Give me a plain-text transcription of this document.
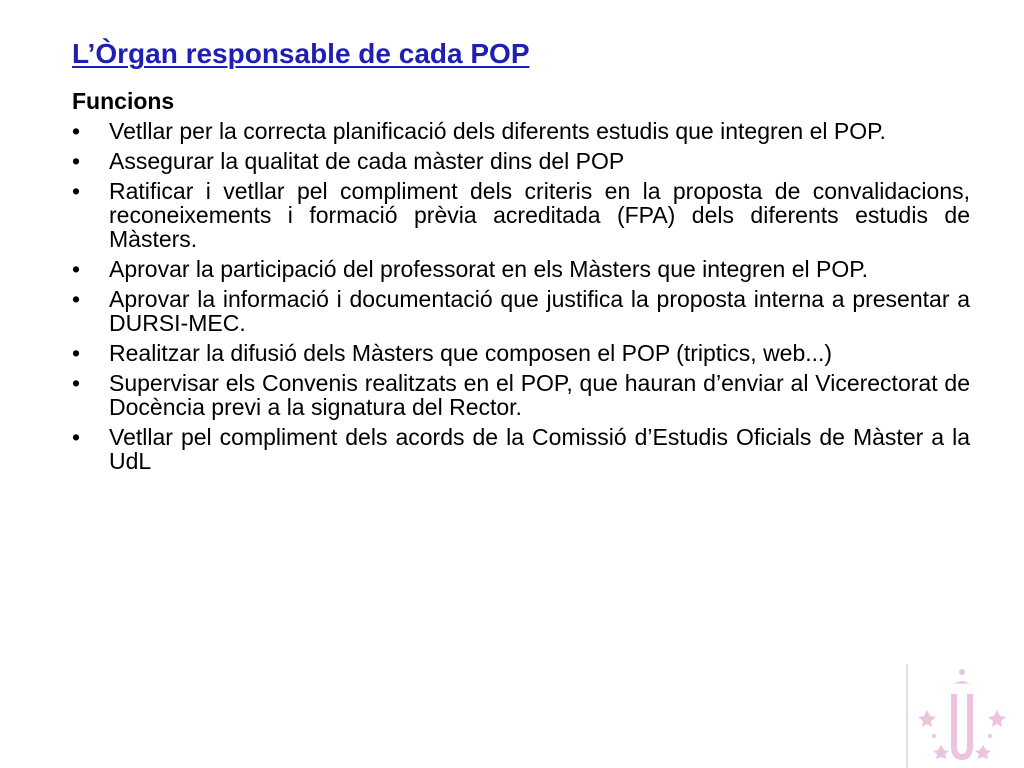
L’Òrgan responsable de cada POP
Funcions
• Vetllar per la correcta planificació dels diferents estudis que integren el POP.
• Assegurar la qualitat de cada màster dins del POP
• Ratificar i vetllar pel compliment dels criteris en la proposta de convalidacions, reconeixements i formació prèvia acreditada (FPA) dels diferents estudis de Màsters.
• Aprovar la participació del professorat en els Màsters que integren el POP.
• Aprovar la informació i documentació que justifica la proposta interna a presentar a DURSI-MEC.
• Realitzar la difusió dels Màsters que composen el POP (triptics, web...)
• Supervisar els Convenis realitzats en el POP, que hauran d’enviar al Vicerectorat de Docència previ a la signatura del Rector.
• Vetllar pel compliment dels acords de la Comissió d’Estudis Oficials de Màster a la UdL
